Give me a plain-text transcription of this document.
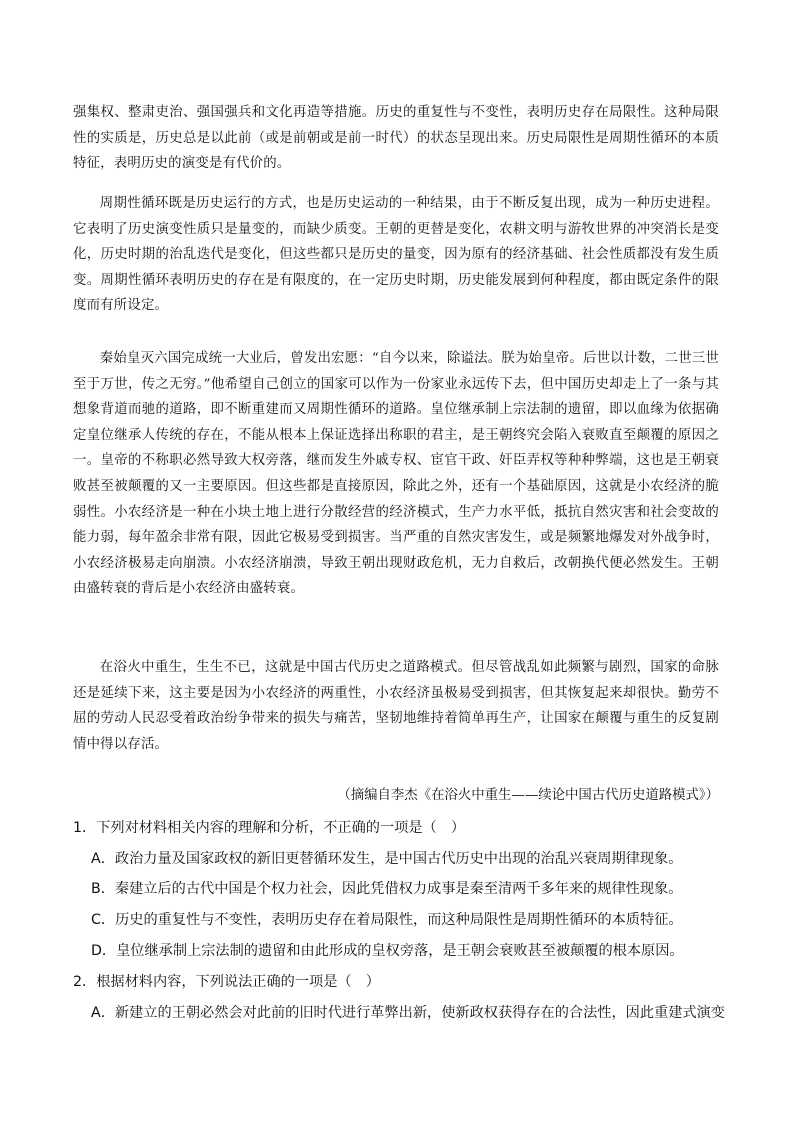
强集权、整肃吏治、强国强兵和文化再造等措施。历史的重复性与不变性，表明历史存在局限性。这种局限性的实质是，历史总是以此前（或是前朝或是前一时代）的状态呈现出来。历史局限性是周期性循环的本质特征，表明历史的演变是有代价的。
周期性循环既是历史运行的方式，也是历史运动的一种结果，由于不断反复出现，成为一种历史进程。它表明了历史演变性质只是量变的，而缺少质变。王朝的更替是变化，农耕文明与游牧世界的冲突消长是变化，历史时期的治乱迭代是变化，但这些都只是历史的量变，因为原有的经济基础、社会性质都没有发生质变。周期性循环表明历史的存在是有限度的，在一定历史时期，历史能发展到何种程度，都由既定条件的限度而有所设定。
秦始皇灭六国完成统一大业后，曾发出宏愿：“自今以来，除谥法。朕为始皇帝。后世以计数，二世三世至于万世，传之无穷。”他希望自己创立的国家可以作为一份家业永远传下去，但中国历史却走上了一条与其想象背道而驰的道路，即不断重建而又周期性循环的道路。皇位继承制上宗法制的遗留，即以血缘为依据确定皇位继承人传统的存在，不能从根本上保证选择出称职的君主，是王朝终究会陷入衰败直至颠覆的原因之一。皇帝的不称职必然导致大权旁落，继而发生外戚专权、宦官干政、奸臣弄权等种种弊端，这也是王朝衰败甚至被颠覆的又一主要原因。但这些都是直接原因，除此之外，还有一个基础原因，这就是小农经济的脆弱性。小农经济是一种在小块土地上进行分散经营的经济模式，生产力水平低，抵抗自然灾害和社会变故的能力弱，每年盈余非常有限，因此它极易受到损害。当严重的自然灾害发生，或是频繁地爆发对外战争时，小农经济极易走向崩溃。小农经济崩溃，导致王朝出现财政危机，无力自救后，改朝换代便必然发生。王朝由盛转衰的背后是小农经济由盛转衰。
在浴火中重生，生生不已，这就是中国古代历史之道路模式。但尽管战乱如此频繁与剧烈，国家的命脉还是延续下来，这主要是因为小农经济的两重性，小农经济虽极易受到损害，但其恢复起来却很快。勤劳不屈的劳动人民忍受着政治纷争带来的损失与痛苦，坚韧地维持着简单再生产，让国家在颠覆与重生的反复剧情中得以存活。
（摘编自李杰《在浴火中重生——续论中国古代历史道路模式》）
1．下列对材料相关内容的理解和分析，不正确的一项是（　）
A．政治力量及国家政权的新旧更替循环发生，是中国古代历史中出现的治乱兴衰周期律现象。
B．秦建立后的古代中国是个权力社会，因此凭借权力成事是秦至清两千多年来的规律性现象。
C．历史的重复性与不变性，表明历史存在着局限性，而这种局限性是周期性循环的本质特征。
D．皇位继承制上宗法制的遗留和由此形成的皇权旁落，是王朝会衰败甚至被颠覆的根本原因。
2．根据材料内容，下列说法正确的一项是（　）
A．新建立的王朝必然会对此前的旧时代进行革弊出新，使新政权获得存在的合法性，因此重建式演变
